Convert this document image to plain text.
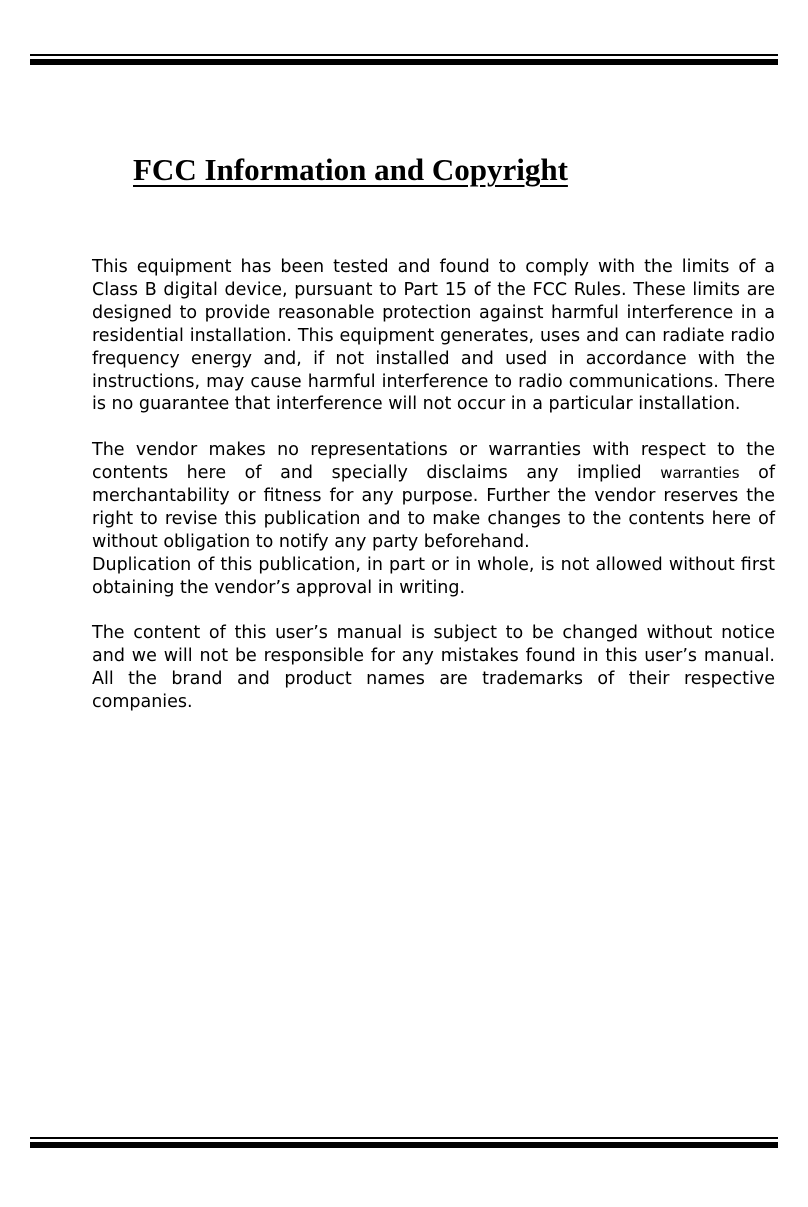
FCC Information and Copyright

This equipment has been tested and found to comply with the limits of a Class B digital device, pursuant to Part 15 of the FCC Rules. These limits are designed to provide reasonable protection against harmful interference in a residential installation. This equipment generates, uses and can radiate radio frequency energy and, if not installed and used in accordance with the instructions, may cause harmful interference to radio communications. There is no guarantee that interference will not occur in a particular installation.

The vendor makes no representations or warranties with respect to the contents here of and specially disclaims any implied warranties of merchantability or fitness for any purpose. Further the vendor reserves the right to revise this publication and to make changes to the contents here of without obligation to notify any party beforehand.

Duplication of this publication, in part or in whole, is not allowed without first obtaining the vendor’s approval in writing.

The content of this user’s manual is subject to be changed without notice and we will not be responsible for any mistakes found in this user’s manual. All the brand and product names are trademarks of their respective companies.
